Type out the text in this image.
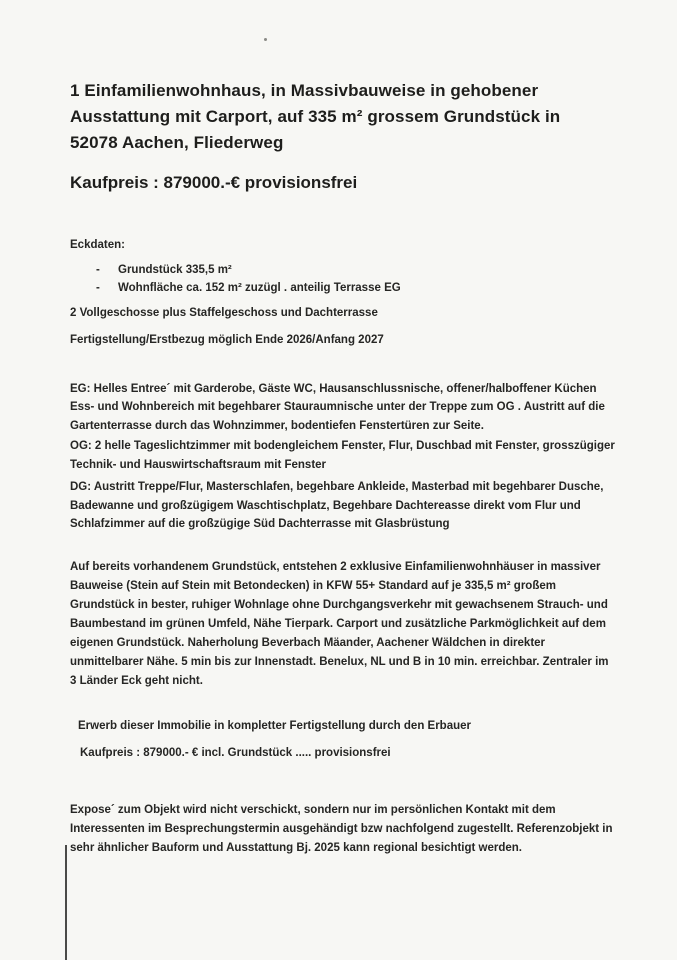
1 Einfamilienwohnhaus, in Massivbauweise in gehobener
Ausstattung mit Carport, auf 335 m² grossem Grundstück in
52078 Aachen, Fliederweg
Kaufpreis : 879000.-€ provisionsfrei
Eckdaten:
-	Grundstück 335,5 m²
-	Wohnfläche ca. 152 m² zuzügl . anteilig Terrasse EG
2 Vollgeschosse plus Staffelgeschoss und Dachterrasse
Fertigstellung/Erstbezug möglich Ende 2026/Anfang 2027
EG: Helles Entree´ mit Garderobe, Gäste WC, Hausanschlussnische, offener/halboffener Küchen Ess- und Wohnbereich mit begehbarer Stauraumnische unter der Treppe zum OG . Austritt auf die Gartenterrasse durch das Wohnzimmer, bodentiefen Fenstertüren zur Seite.
OG: 2 helle Tageslichtzimmer mit bodengleichem Fenster, Flur, Duschbad mit Fenster, grosszügiger Technik- und Hauswirtschaftsraum mit Fenster
DG: Austritt Treppe/Flur, Masterschlafen, begehbare Ankleide, Masterbad mit begehbarer Dusche, Badewanne und großzügigem Waschtischplatz, Begehbare Dachtereasse direkt vom Flur und Schlafzimmer auf die großzügige Süd Dachterrasse mit Glasbrüstung
Auf bereits vorhandenem Grundstück, entstehen 2 exklusive Einfamilienwohnhäuser in massiver Bauweise (Stein auf Stein mit Betondecken) in KFW 55+ Standard auf je 335,5 m² großem Grundstück in bester, ruhiger Wohnlage ohne Durchgangsverkehr mit gewachsenem Strauch- und Baumbestand im grünen Umfeld, Nähe Tierpark. Carport und zusätzliche Parkmöglichkeit auf dem eigenen Grundstück. Naherholung Beverbach Mäander, Aachener Wäldchen in direkter unmittelbarer Nähe. 5 min bis zur Innenstadt. Benelux, NL und B in 10 min. erreichbar. Zentraler im 3 Länder Eck geht nicht.
Erwerb dieser Immobilie in kompletter Fertigstellung durch den Erbauer
Kaufpreis : 879000.- € incl. Grundstück ..... provisionsfrei
Expose´ zum Objekt wird nicht verschickt, sondern nur im persönlichen Kontakt mit dem Interessenten im Besprechungstermin ausgehändigt bzw nachfolgend zugestellt. Referenzobjekt in sehr ähnlicher Bauform und Ausstattung Bj. 2025 kann regional besichtigt werden.
